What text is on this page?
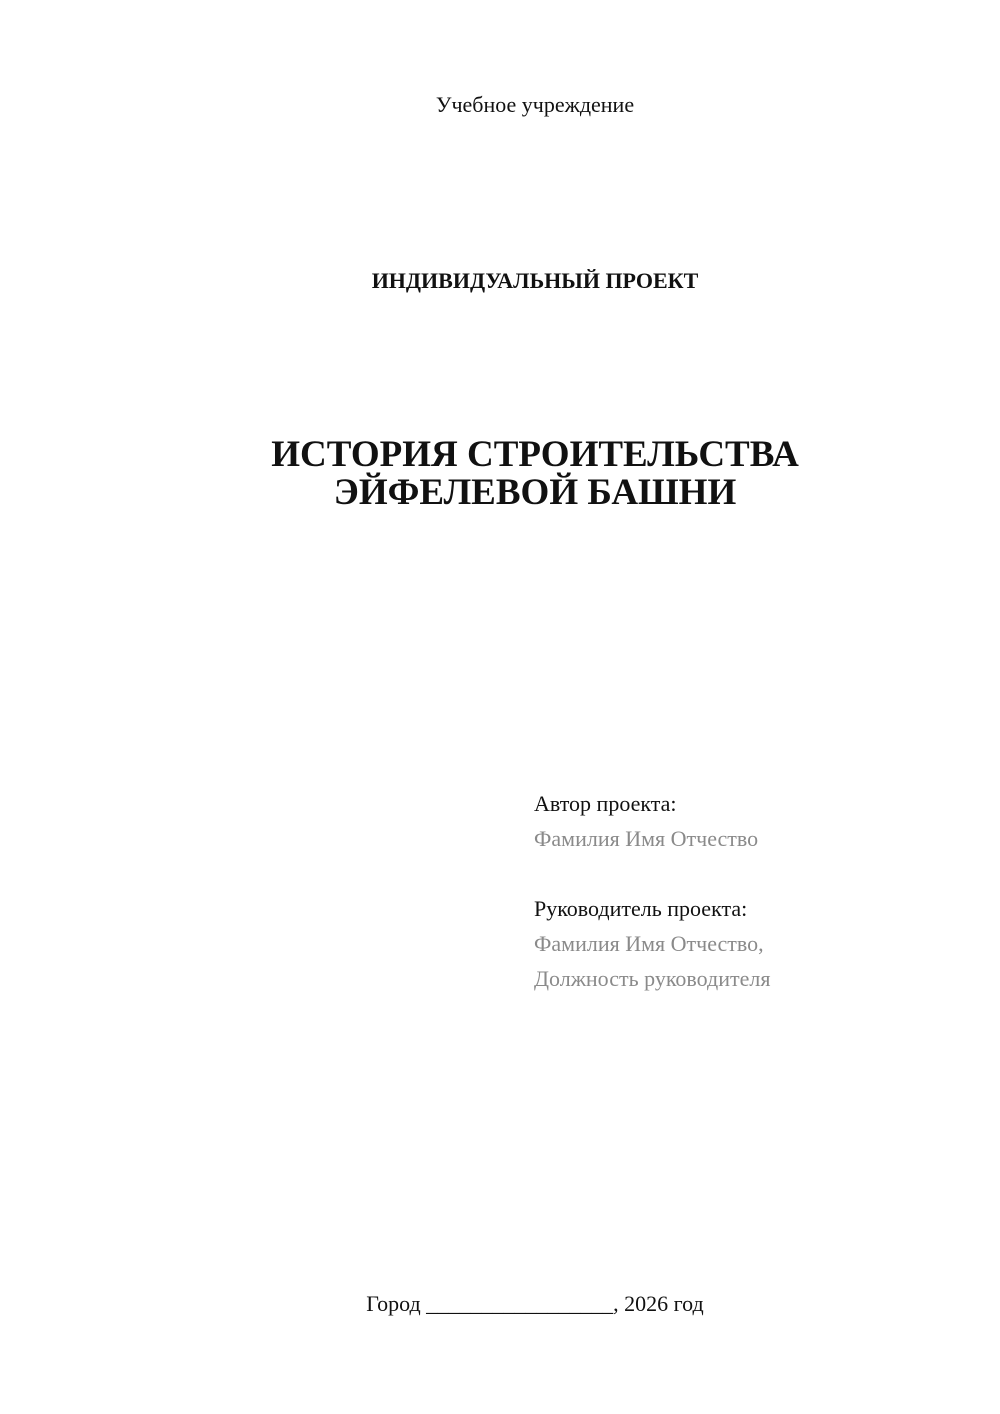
Учебное учреждение
ИНДИВИДУАЛЬНЫЙ ПРОЕКТ
ИСТОРИЯ СТРОИТЕЛЬСТВА
ЭЙФЕЛЕВОЙ БАШНИ
Автор проекта:
Фамилия Имя Отчество
Руководитель проекта:
Фамилия Имя Отчество,
Должность руководителя
Город _________________, 2026 год
